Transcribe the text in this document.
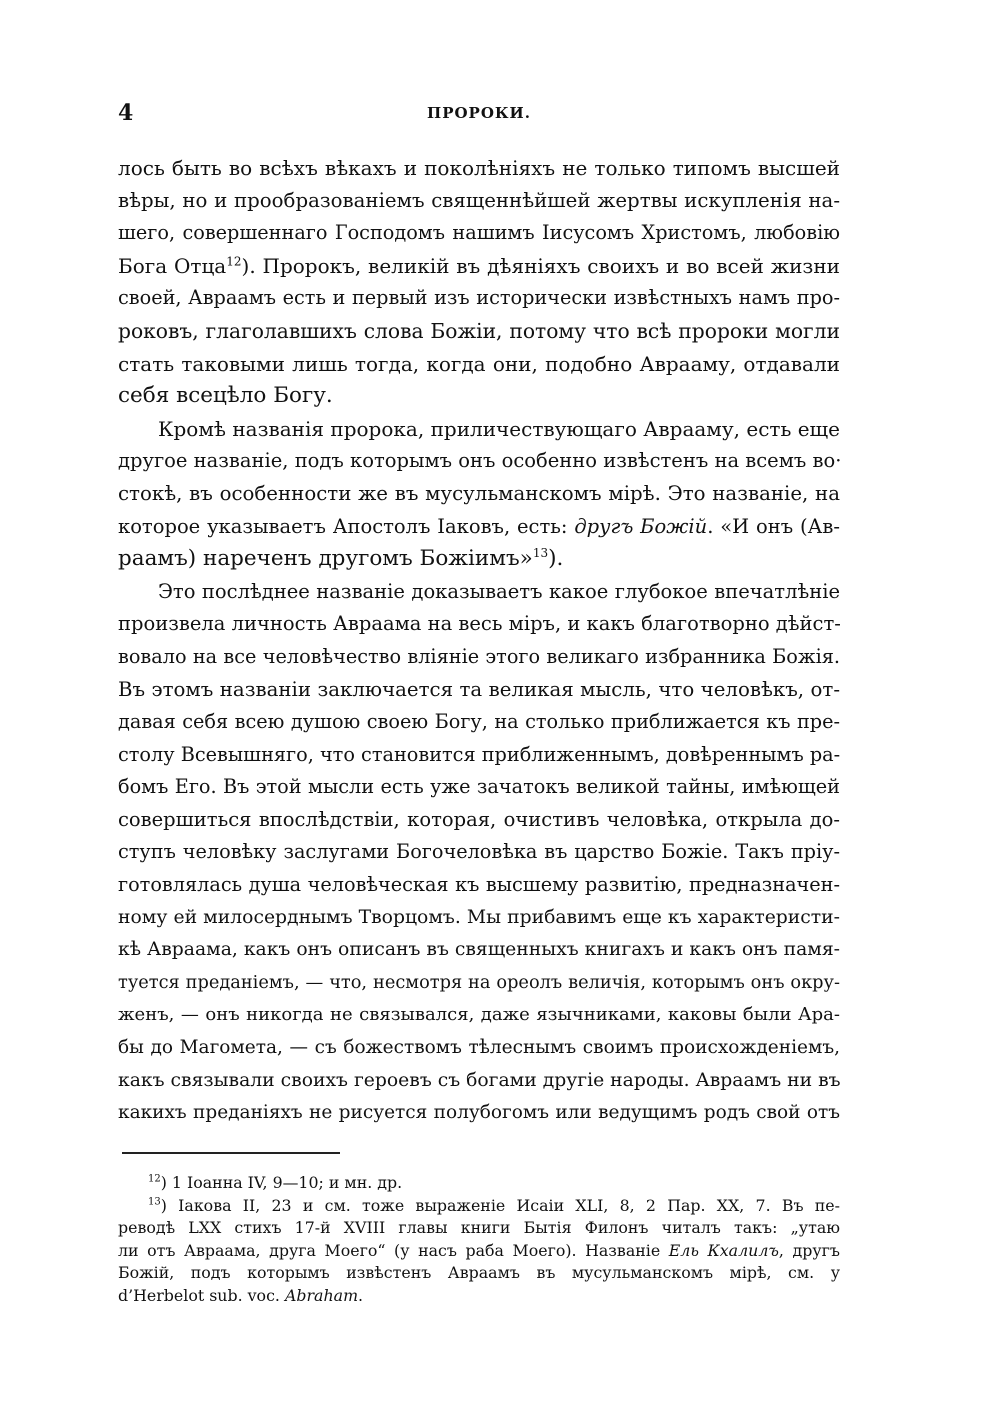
4	ПРОРОКИ.

лось быть во всѣхъ вѣкахъ и поколѣніяхъ не только типомъ высшей
вѣры, но и прообразованіемъ священнѣйшей жертвы искупленія на-
шего, совершеннаго Господомъ нашимъ Іисусомъ Христомъ, любовію
Бога Отца$^{12}$). Пророкъ, великій въ дѣяніяхъ своихъ и во всей жизни
своей, Авраамъ есть и первый изъ исторически извѣстныхъ намъ про-
роковъ, глаголавшихъ слова Божіи, потому что всѣ пророки могли
стать таковыми лишь тогда, когда они, подобно Аврааму, отдавали
себя всецѣло Богу.

Кромѣ названія пророка, приличествующаго Аврааму, есть еще
другое названіе, подъ которымъ онъ особенно извѣстенъ на всемъ во·
стокѣ, въ особенности же въ мусульманскомъ мірѣ. Это названіе, на
которое указываетъ Апостолъ Іаковъ, есть: другъ Божій. «И онъ (Ав-
раамъ) нареченъ другомъ Божіимъ»$^{13}$).

Это послѣднее названіе доказываетъ какое глубокое впечатлѣніе
произвела личность Авраама на весь міръ, и какъ благотворно дѣйст-
вовало на все человѣчество вліяніе этого великаго избранника Божія.
Въ этомъ названіи заключается та великая мысль, что человѣкъ, от-
давая себя всею душою своею Богу, на столько приближается къ пре-
столу Всевышняго, что становится приближеннымъ, довѣреннымъ ра-
бомъ Его. Въ этой мысли есть уже зачатокъ великой тайны, имѣющей
совершиться впослѣдствіи, которая, очистивъ человѣка, открыла до-
ступъ человѣку заслугами Богочеловѣка въ царство Божіе. Такъ пріу-
готовлялась душа человѣческая къ высшему развитію, предназначен-
ному ей милосерднымъ Творцомъ. Мы прибавимъ еще къ характеристи-
кѣ Авраама, какъ онъ описанъ въ священныхъ книгахъ и какъ онъ памя-
туется преданіемъ, — что, несмотря на ореолъ величія, которымъ онъ окру-
женъ, — онъ никогда не связывался, даже язычниками, каковы были Ара-
бы до Магомета, — съ божествомъ тѣлеснымъ своимъ происхожденіемъ,
какъ связывали своихъ героевъ съ богами другіе народы. Авраамъ ни въ
какихъ преданіяхъ не рисуется полубогомъ или ведущимъ родъ свой отъ

$^{12}$) 1 Іоанна IV, 9—10; и мн. др.
$^{13}$) Іакова II, 23 и см. тоже выраженіе Исаіи XLI, 8, 2 Пар. XX, 7. Въ пе-
реводѣ LXX стихъ 17-й XVIII главы книги Бытія Филонъ читалъ такъ: „утаю
ли отъ Авраама, друга Моего“ (у насъ раба Моего). Названіе Ель Кхалилъ, другъ
Божій, подъ которымъ извѣстенъ Авраамъ въ мусульманскомъ мірѣ, см. у
d’Herbelot sub. voc. Abraham.
